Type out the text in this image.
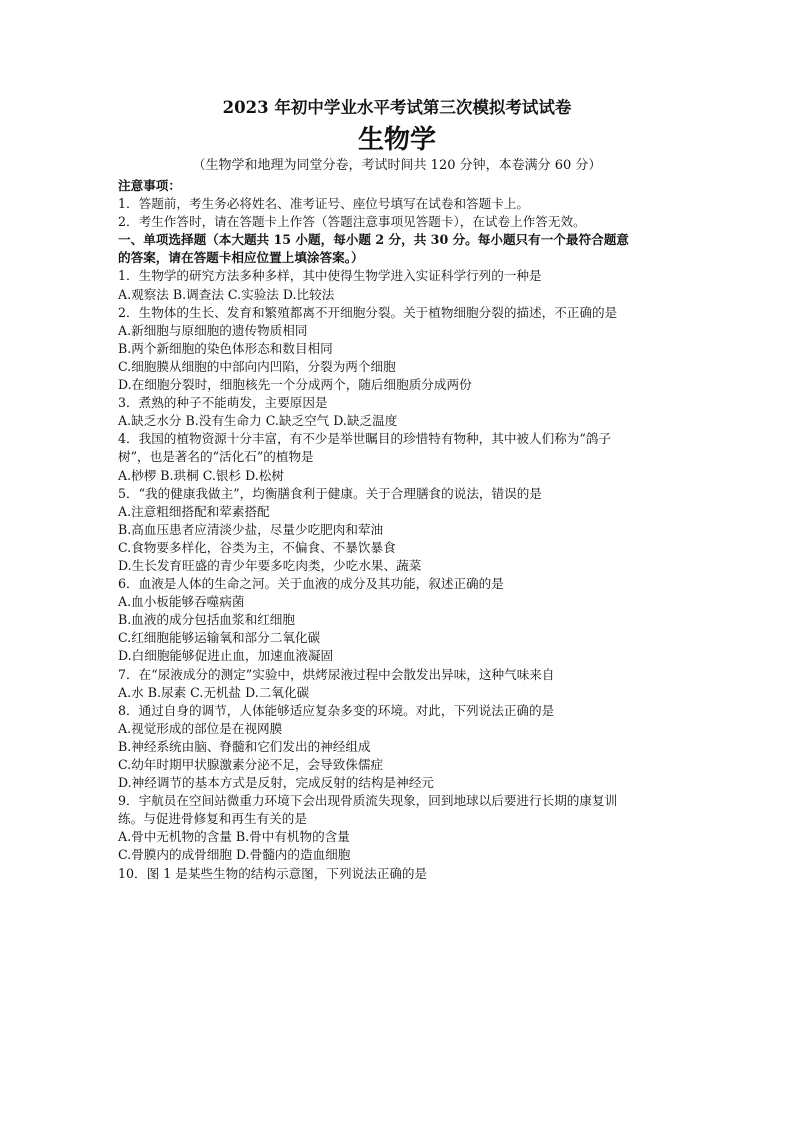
2023 年初中学业水平考试第三次模拟考试试卷
生物学
（生物学和地理为同堂分卷，考试时间共 120 分钟，本卷满分 60 分）
注意事项：
1．答题前，考生务必将姓名、准考证号、座位号填写在试卷和答题卡上。
2．考生作答时，请在答题卡上作答（答题注意事项见答题卡），在试卷上作答无效。
一、单项选择题（本大题共 15 小题，每小题 2 分，共 30 分。每小题只有一个最符合题意
的答案，请在答题卡相应位置上填涂答案。）
1．生物学的研究方法多种多样，其中使得生物学进入实证科学行列的一种是
A.观察法 B.调查法 C.实验法 D.比较法
2．生物体的生长、发育和繁殖都离不开细胞分裂。关于植物细胞分裂的描述，不正确的是
A.新细胞与原细胞的遗传物质相同
B.两个新细胞的染色体形态和数目相同
C.细胞膜从细胞的中部向内凹陷，分裂为两个细胞
D.在细胞分裂时，细胞核先一个分成两个，随后细胞质分成两份
3．煮熟的种子不能萌发，主要原因是
A.缺乏水分 B.没有生命力 C.缺乏空气 D.缺乏温度
4．我国的植物资源十分丰富，有不少是举世瞩目的珍惜特有物种，其中被人们称为“鸽子
树”，也是著名的“活化石”的植物是
A.桫椤 B.珙桐 C.银杉 D.松树
5．“我的健康我做主”，均衡膳食利于健康。关于合理膳食的说法，错误的是
A.注意粗细搭配和荤素搭配
B.高血压患者应清淡少盐，尽量少吃肥肉和荤油
C.食物要多样化，谷类为主，不偏食、不暴饮暴食
D.生长发育旺盛的青少年要多吃肉类，少吃水果、蔬菜
6．血液是人体的生命之河。关于血液的成分及其功能，叙述正确的是
A.血小板能够吞噬病菌
B.血液的成分包括血浆和红细胞
C.红细胞能够运输氧和部分二氧化碳
D.白细胞能够促进止血，加速血液凝固
7．在“尿液成分的测定”实验中，烘烤尿液过程中会散发出异味，这种气味来自
A.水 B.尿素 C.无机盐 D.二氧化碳
8．通过自身的调节，人体能够适应复杂多变的环境。对此，下列说法正确的是
A.视觉形成的部位是在视网膜
B.神经系统由脑、脊髓和它们发出的神经组成
C.幼年时期甲状腺激素分泌不足，会导致侏儒症
D.神经调节的基本方式是反射，完成反射的结构是神经元
9．宇航员在空间站微重力环境下会出现骨质流失现象，回到地球以后要进行长期的康复训
练。与促进骨修复和再生有关的是
A.骨中无机物的含量 B.骨中有机物的含量
C.骨膜内的成骨细胞 D.骨髓内的造血细胞
10．图 1 是某些生物的结构示意图，下列说法正确的是
